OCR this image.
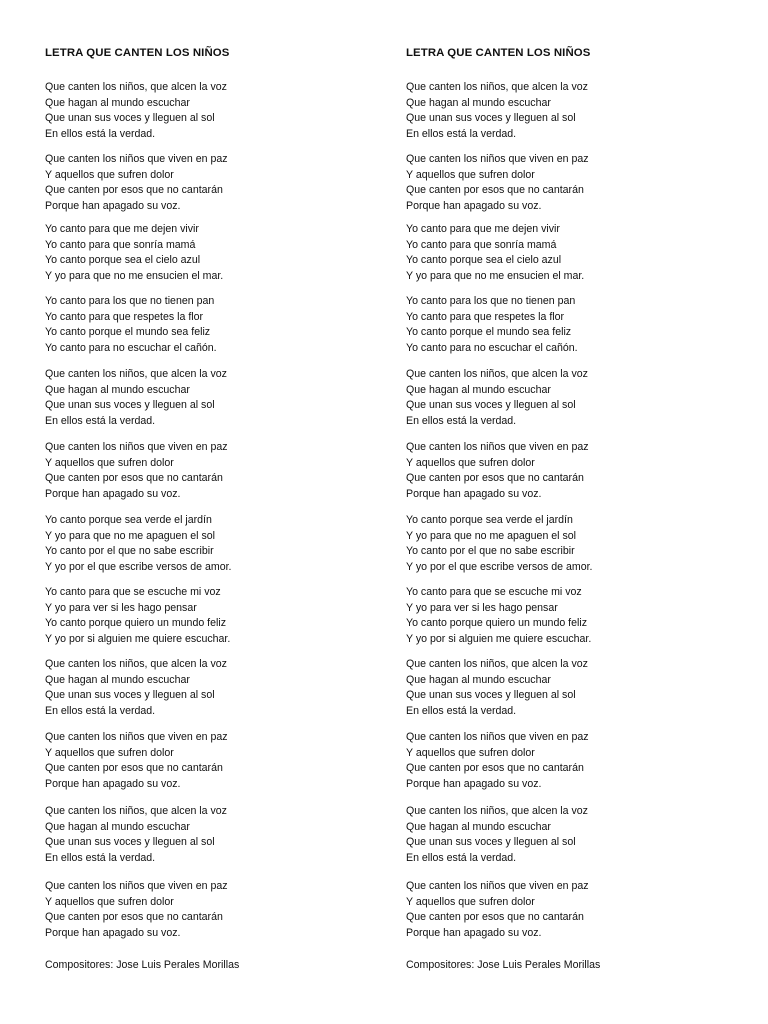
LETRA QUE CANTEN LOS NIÑOS
Que canten los niños, que alcen la voz
Que hagan al mundo escuchar
Que unan sus voces y lleguen al sol
En ellos está la verdad.
Que canten los niños que viven en paz
Y aquellos que sufren dolor
Que canten por esos que no cantarán
Porque han apagado su voz.
Yo canto para que me dejen vivir
Yo canto para que sonría mamá
Yo canto porque sea el cielo azul
Y yo para que no me ensucien el mar.
Yo canto para los que no tienen pan
Yo canto para que respetes la flor
Yo canto porque el mundo sea feliz
Yo canto para no escuchar el cañón.
Que canten los niños, que alcen la voz
Que hagan al mundo escuchar
Que unan sus voces y lleguen al sol
En ellos está la verdad.
Que canten los niños que viven en paz
Y aquellos que sufren dolor
Que canten por esos que no cantarán
Porque han apagado su voz.
Yo canto porque sea verde el jardín
Y yo para que no me apaguen el sol
Yo canto por el que no sabe escribir
Y yo por el que escribe versos de amor.
Yo canto para que se escuche mi voz
Y yo para ver si les hago pensar
Yo canto porque quiero un mundo feliz
Y yo por si alguien me quiere escuchar.
Que canten los niños, que alcen la voz
Que hagan al mundo escuchar
Que unan sus voces y lleguen al sol
En ellos está la verdad.
Que canten los niños que viven en paz
Y aquellos que sufren dolor
Que canten por esos que no cantarán
Porque han apagado su voz.
Que canten los niños, que alcen la voz
Que hagan al mundo escuchar
Que unan sus voces y lleguen al sol
En ellos está la verdad.
Que canten los niños que viven en paz
Y aquellos que sufren dolor
Que canten por esos que no cantarán
Porque han apagado su voz.
Compositores: Jose Luis Perales Morillas
LETRA QUE CANTEN LOS NIÑOS
Que canten los niños, que alcen la voz
Que hagan al mundo escuchar
Que unan sus voces y lleguen al sol
En ellos está la verdad.
Que canten los niños que viven en paz
Y aquellos que sufren dolor
Que canten por esos que no cantarán
Porque han apagado su voz.
Yo canto para que me dejen vivir
Yo canto para que sonría mamá
Yo canto porque sea el cielo azul
Y yo para que no me ensucien el mar.
Yo canto para los que no tienen pan
Yo canto para que respetes la flor
Yo canto porque el mundo sea feliz
Yo canto para no escuchar el cañón.
Que canten los niños, que alcen la voz
Que hagan al mundo escuchar
Que unan sus voces y lleguen al sol
En ellos está la verdad.
Que canten los niños que viven en paz
Y aquellos que sufren dolor
Que canten por esos que no cantarán
Porque han apagado su voz.
Yo canto porque sea verde el jardín
Y yo para que no me apaguen el sol
Yo canto por el que no sabe escribir
Y yo por el que escribe versos de amor.
Yo canto para que se escuche mi voz
Y yo para ver si les hago pensar
Yo canto porque quiero un mundo feliz
Y yo por si alguien me quiere escuchar.
Que canten los niños, que alcen la voz
Que hagan al mundo escuchar
Que unan sus voces y lleguen al sol
En ellos está la verdad.
Que canten los niños que viven en paz
Y aquellos que sufren dolor
Que canten por esos que no cantarán
Porque han apagado su voz.
Que canten los niños, que alcen la voz
Que hagan al mundo escuchar
Que unan sus voces y lleguen al sol
En ellos está la verdad.
Que canten los niños que viven en paz
Y aquellos que sufren dolor
Que canten por esos que no cantarán
Porque han apagado su voz.
Compositores: Jose Luis Perales Morillas
